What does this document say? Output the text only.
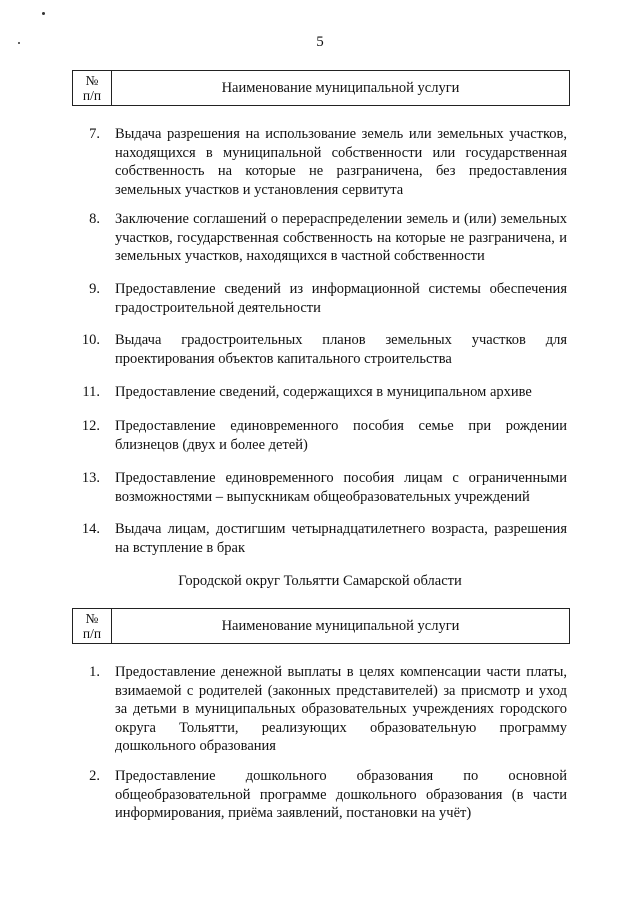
5
№
п/п	Наименование муниципальной услуги
7. Выдача разрешения на использование земель или земельных участков, находящихся в муниципальной собственности или государственная собственность на которые не разграничена, без предоставления земельных участков и установления сервитута
8. Заключение соглашений о перераспределении земель и (или) земельных участков, государственная собственность на которые не разграничена, и земельных участков, находящихся в частной собственности
9. Предоставление сведений из информационной системы обеспечения градостроительной деятельности
10. Выдача градостроительных планов земельных участков для проектирования объектов капитального строительства
11. Предоставление сведений, содержащихся в муниципальном архиве
12. Предоставление единовременного пособия семье при рождении близнецов (двух и более детей)
13. Предоставление единовременного пособия лицам с ограниченными возможностями – выпускникам общеобразовательных учреждений
14. Выдача лицам, достигшим четырнадцатилетнего возраста, разрешения на вступление в брак
Городской округ Тольятти Самарской области
№
п/п	Наименование муниципальной услуги
1. Предоставление денежной выплаты в целях компенсации части платы, взимаемой с родителей (законных представителей) за присмотр и уход за детьми в муниципальных образовательных учреждениях городского округа Тольятти, реализующих образовательную программу дошкольного образования
2. Предоставление дошкольного образования по основной общеобразовательной программе дошкольного образования (в части информирования, приёма заявлений, постановки на учёт)
